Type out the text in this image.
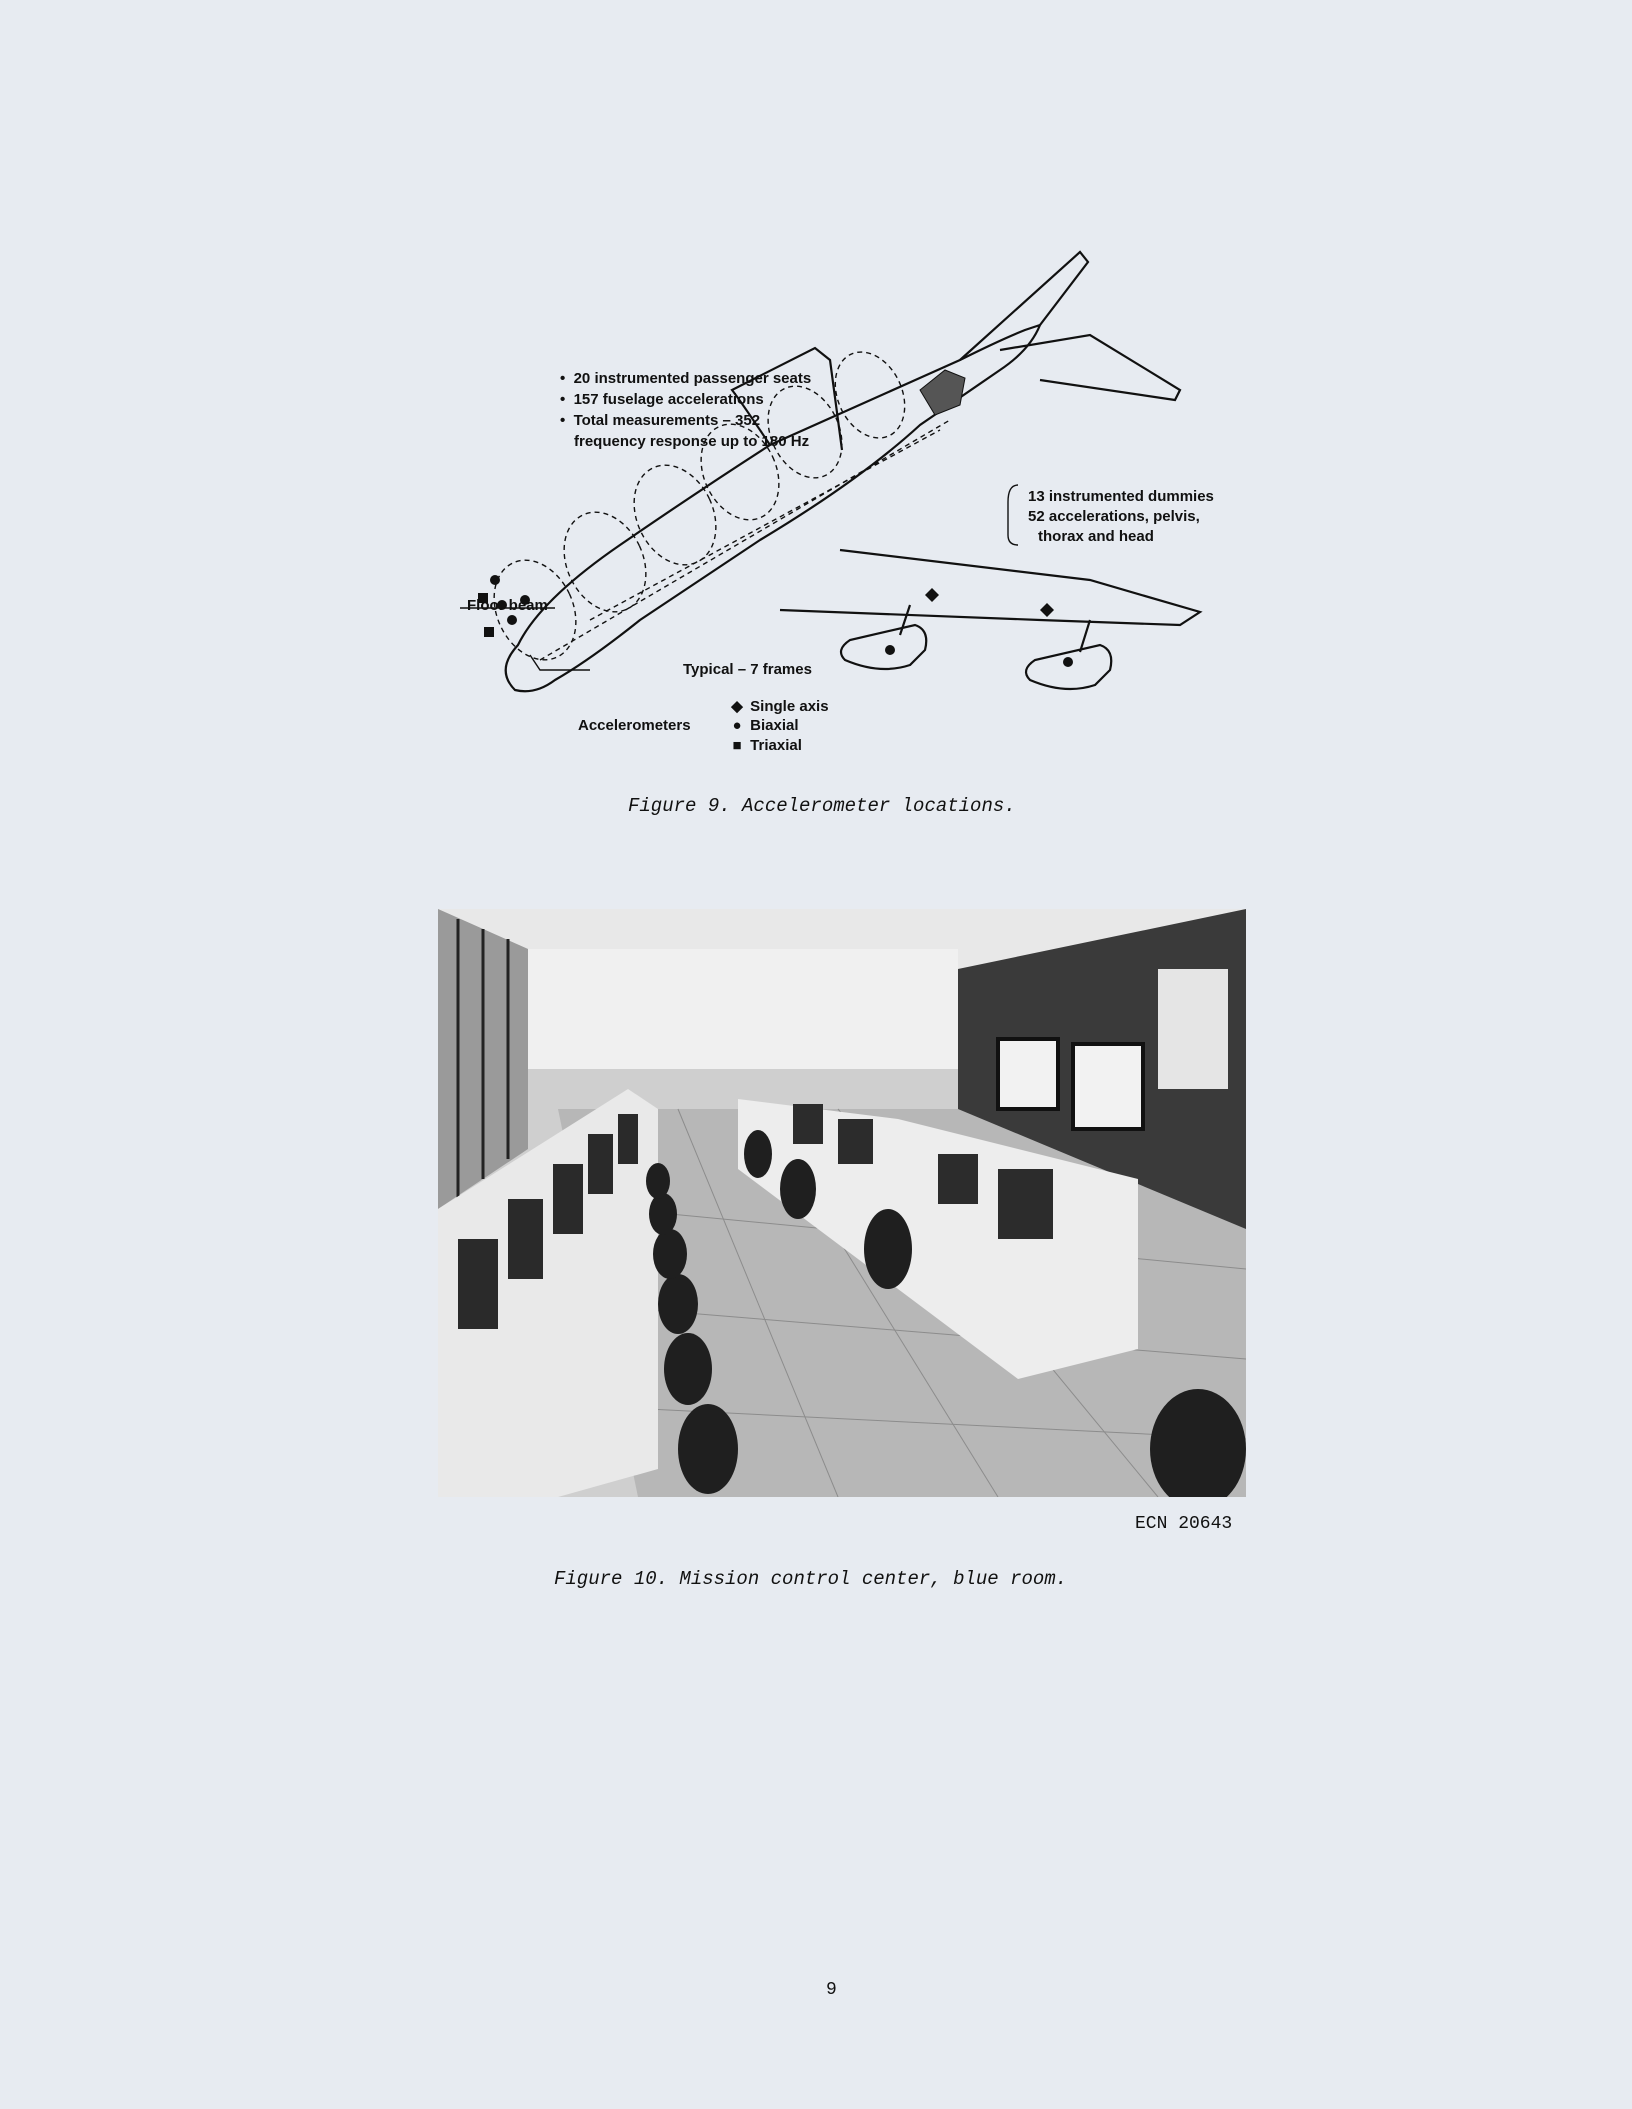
•  20 instrumented passenger seats
•  157 fuselage accelerations
•  Total measurements – 352
frequency response up to 180 Hz
13 instrumented dummies
52 accelerations, pelvis,
thorax and head
Floor beam
Typical – 7 frames
Accelerometers
◆ Single axis
● Biaxial
■ Triaxial
Figure 9. Accelerometer locations.
ECN 20643
Figure 10. Mission control center, blue room.
9
